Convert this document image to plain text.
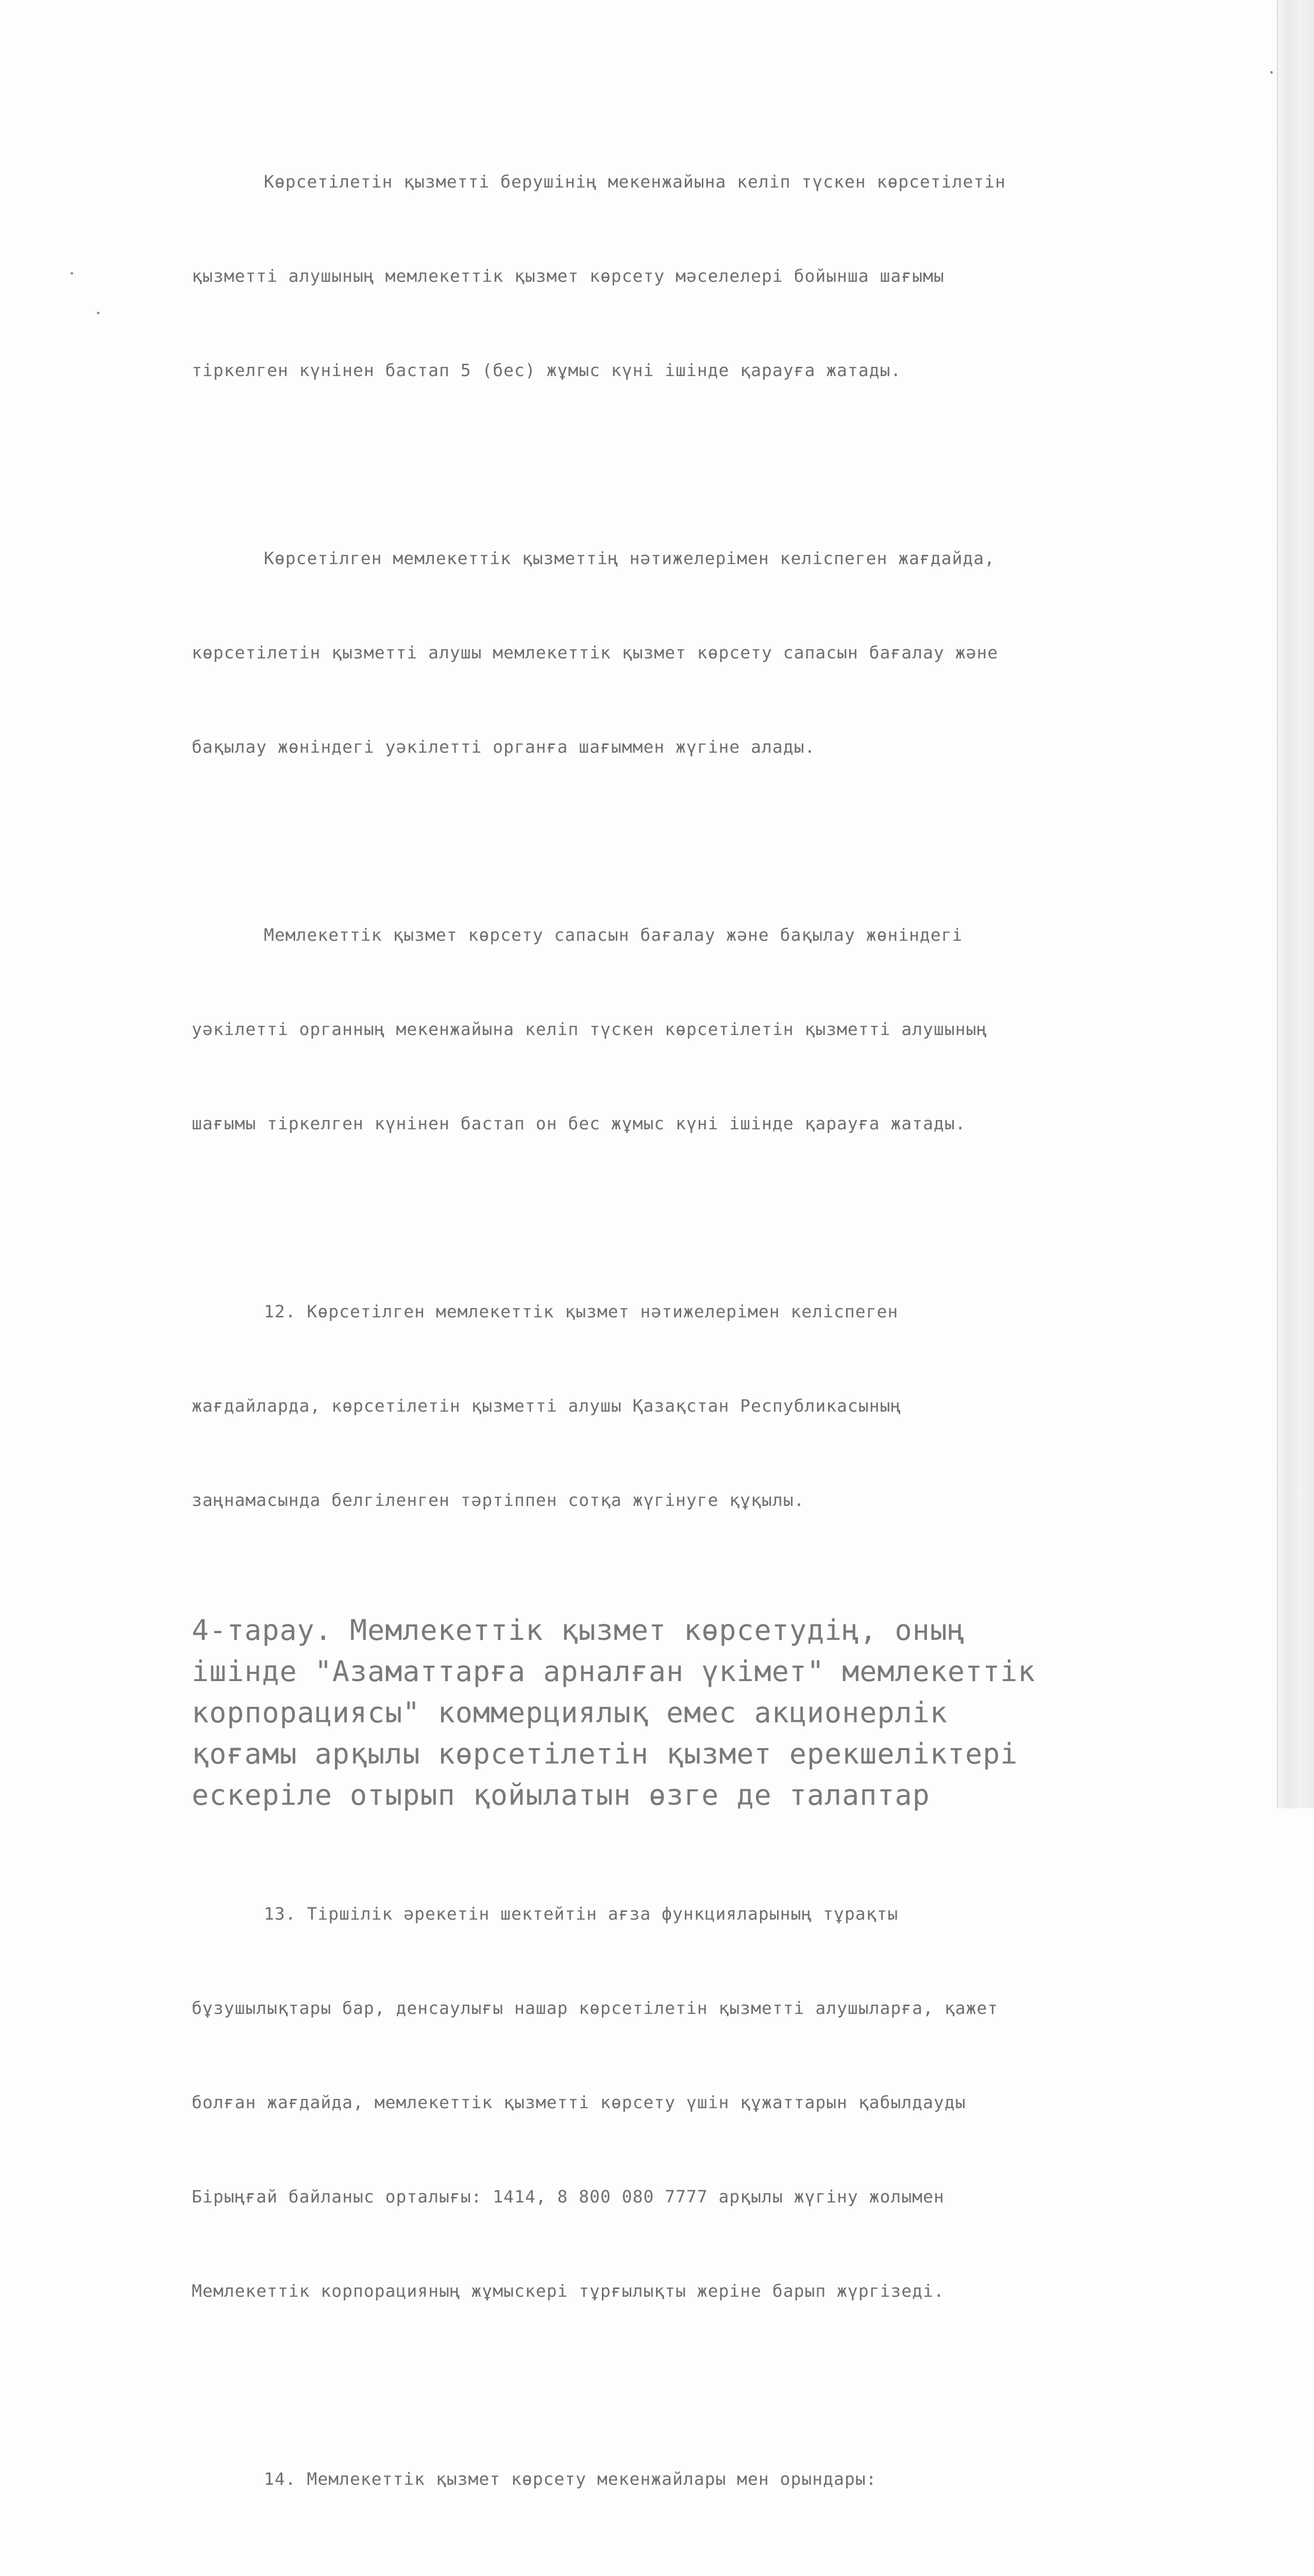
Көрсетілетін қызметті берушінің мекенжайына келіп түскен көрсетілетін

қызметті алушының мемлекеттік қызмет көрсету мәселелері бойынша шағымы

тіркелген күнінен бастап 5 (бес) жұмыс күні ішінде қарауға жатады.

Көрсетілген мемлекеттік қызметтің нәтижелерімен келіспеген жағдайда,

көрсетілетін қызметті алушы мемлекеттік қызмет көрсету сапасын бағалау және

бақылау жөніндегі уәкілетті органға шағыммен жүгіне алады.

Мемлекеттік қызмет көрсету сапасын бағалау және бақылау жөніндегі

уәкілетті органның мекенжайына келіп түскен көрсетілетін қызметті алушының

шағымы тіркелген күнінен бастап он бес жұмыс күні ішінде қарауға жатады.

12. Көрсетілген мемлекеттік қызмет нәтижелерімен келіспеген

жағдайларда, көрсетілетін қызметті алушы Қазақстан Республикасының

заңнамасында белгіленген тәртіппен сотқа жүгінуге құқылы.

4-тарау. Мемлекеттік қызмет көрсетудің, оның
ішінде "Азаматтарға арналған үкімет" мемлекеттік
корпорациясы" коммерциялық емес акционерлік
қоғамы арқылы көрсетілетін қызмет ерекшеліктері
ескеріле отырып қойылатын өзге де талаптар

13. Тіршілік әрекетін шектейтін ағза функцияларының тұрақты

бұзушылықтары бар, денсаулығы нашар көрсетілетін қызметті алушыларға, қажет

болған жағдайда, мемлекеттік қызметті көрсету үшін құжаттарын қабылдауды

Бірыңғай байланыс орталығы: 1414, 8 800 080 7777 арқылы жүгіну жолымен

Мемлекеттік корпорацияның жұмыскері тұрғылықты жеріне барып жүргізеді.

14. Мемлекеттік қызмет көрсету мекенжайлары мен орындары:
